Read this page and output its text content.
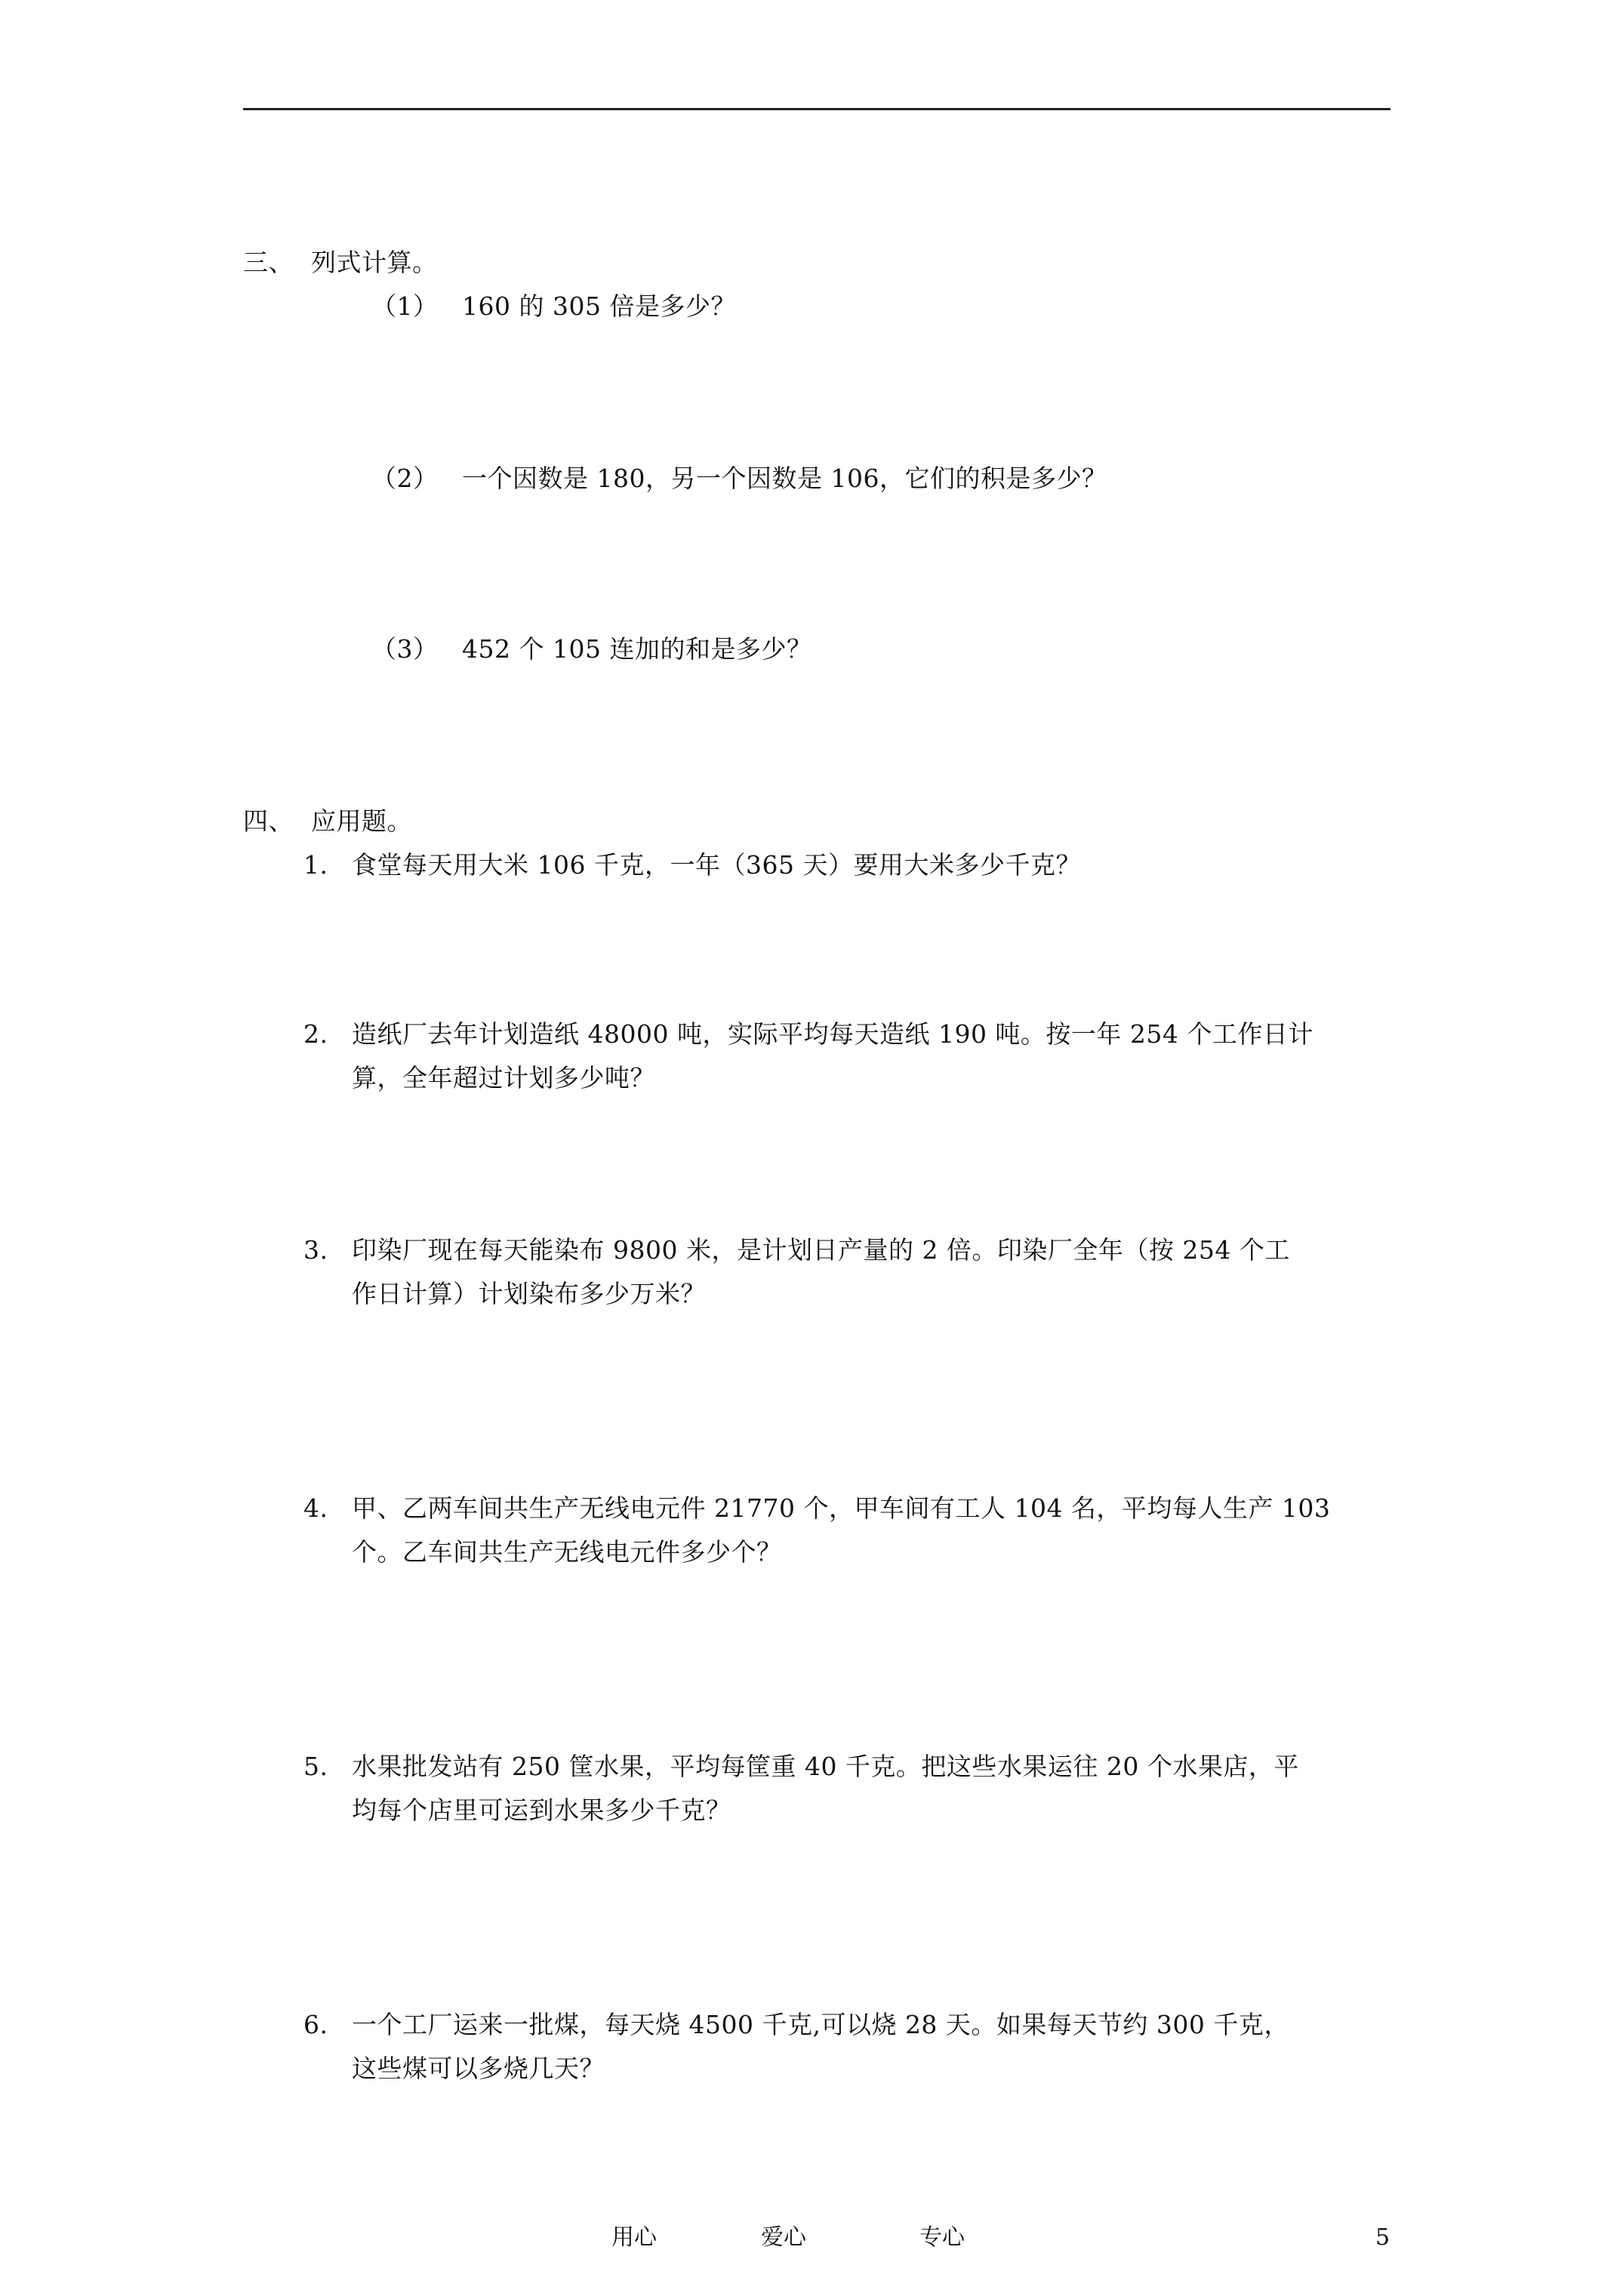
三、 列式计算。
（1） 160 的 305 倍是多少？
（2） 一个因数是 180，另一个因数是 106，它们的积是多少？
（3） 452 个 105 连加的和是多少？
四、 应用题。
1. 食堂每天用大米 106 千克，一年（365 天）要用大米多少千克？
2. 造纸厂去年计划造纸 48000 吨，实际平均每天造纸 190 吨。按一年 254 个工作日计
算，全年超过计划多少吨？
3. 印染厂现在每天能染布 9800 米，是计划日产量的 2 倍。印染厂全年（按 254 个工
作日计算）计划染布多少万米？
4. 甲、乙两车间共生产无线电元件 21770 个，甲车间有工人 104 名，平均每人生产 103
个。乙车间共生产无线电元件多少个？
5. 水果批发站有 250 筐水果，平均每筐重 40 千克。把这些水果运往 20 个水果店，平
均每个店里可运到水果多少千克？
6. 一个工厂运来一批煤，每天烧 4500 千克,可以烧 28 天。如果每天节约 300 千克，
这些煤可以多烧几天？
用心	爱心	专心	5
